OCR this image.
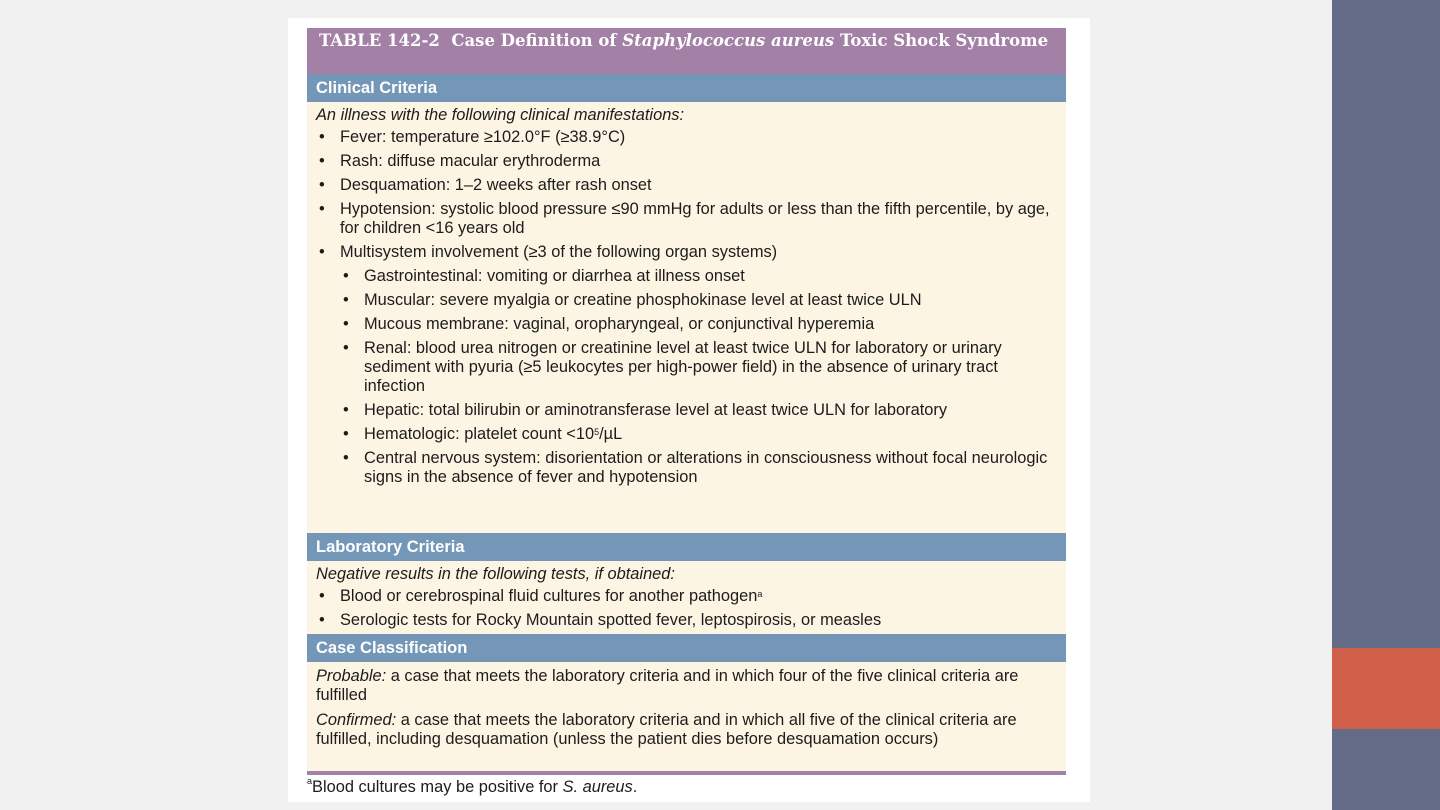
TABLE 142-2 Case Definition of Staphylococcus aureus Toxic Shock Syndrome
Clinical Criteria
An illness with the following clinical manifestations:
• Fever: temperature ≥102.0°F (≥38.9°C)
• Rash: diffuse macular erythroderma
• Desquamation: 1–2 weeks after rash onset
• Hypotension: systolic blood pressure ≤90 mmHg for adults or less than the fifth percentile, by age, for children <16 years old
• Multisystem involvement (≥3 of the following organ systems)
• Gastrointestinal: vomiting or diarrhea at illness onset
• Muscular: severe myalgia or creatine phosphokinase level at least twice ULN
• Mucous membrane: vaginal, oropharyngeal, or conjunctival hyperemia
• Renal: blood urea nitrogen or creatinine level at least twice ULN for laboratory or urinary sediment with pyuria (≥5 leukocytes per high-power field) in the absence of urinary tract infection
• Hepatic: total bilirubin or aminotransferase level at least twice ULN for laboratory
• Hematologic: platelet count $<10^5/\mu L$
• Central nervous system: disorientation or alterations in consciousness without focal neurologic signs in the absence of fever and hypotension
Laboratory Criteria
Negative results in the following tests, if obtained:
• Blood or cerebrospinal fluid cultures for another pathogen$^a$
• Serologic tests for Rocky Mountain spotted fever, leptospirosis, or measles
Case Classification
Probable: a case that meets the laboratory criteria and in which four of the five clinical criteria are fulfilled
Confirmed: a case that meets the laboratory criteria and in which all five of the clinical criteria are fulfilled, including desquamation (unless the patient dies before desquamation occurs)
$^a$Blood cultures may be positive for S. aureus.
